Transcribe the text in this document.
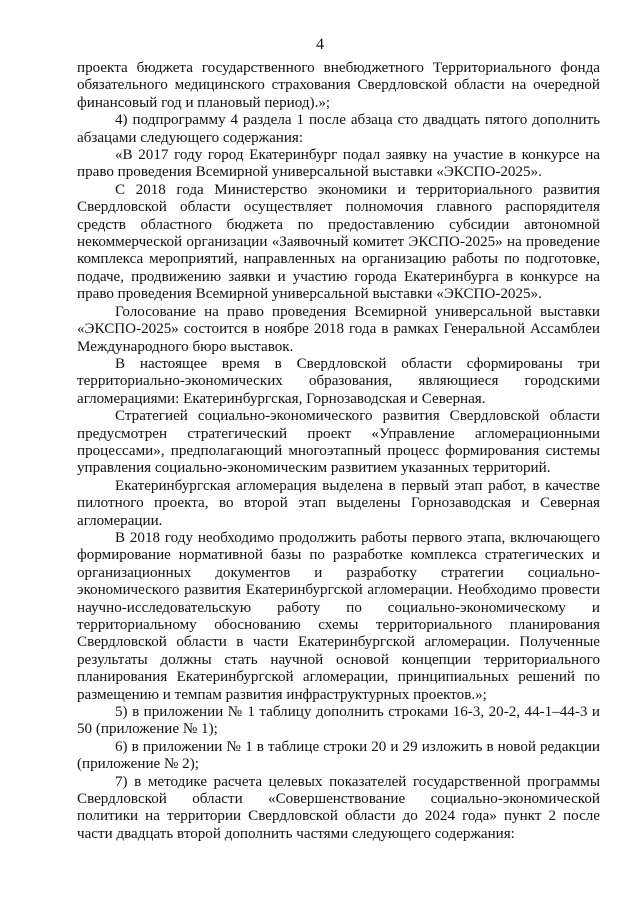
4

проекта бюджета государственного внебюджетного Территориального фонда обязательного медицинского страхования Свердловской области на очередной финансовый год и плановый период).»;

4) подпрограмму 4 раздела 1 после абзаца сто двадцать пятого дополнить абзацами следующего содержания:

«В 2017 году город Екатеринбург подал заявку на участие в конкурсе на право проведения Всемирной универсальной выставки «ЭКСПО-2025».

С 2018 года Министерство экономики и территориального развития Свердловской области осуществляет полномочия главного распорядителя средств областного бюджета по предоставлению субсидии автономной некоммерческой организации «Заявочный комитет ЭКСПО-2025» на проведение комплекса мероприятий, направленных на организацию работы по подготовке, подаче, продвижению заявки и участию города Екатеринбурга в конкурсе на право проведения Всемирной универсальной выставки «ЭКСПО-2025».

Голосование на право проведения Всемирной универсальной выставки «ЭКСПО-2025» состоится в ноябре 2018 года в рамках Генеральной Ассамблеи Международного бюро выставок.

В настоящее время в Свердловской области сформированы три территориально-экономических образования, являющиеся городскими агломерациями: Екатеринбургская, Горнозаводская и Северная.

Стратегией социально-экономического развития Свердловской области предусмотрен стратегический проект «Управление агломерационными процессами», предполагающий многоэтапный процесс формирования системы управления социально-экономическим развитием указанных территорий.

Екатеринбургская агломерация выделена в первый этап работ, в качестве пилотного проекта, во второй этап выделены Горнозаводская и Северная агломерации.

В 2018 году необходимо продолжить работы первого этапа, включающего формирование нормативной базы по разработке комплекса стратегических и организационных документов и разработку стратегии социально-экономического развития Екатеринбургской агломерации. Необходимо провести научно-исследовательскую работу по социально-экономическому и территориальному обоснованию схемы территориального планирования Свердловской области в части Екатеринбургской агломерации. Полученные результаты должны стать научной основой концепции территориального планирования Екатеринбургской агломерации, принципиальных решений по размещению и темпам развития инфраструктурных проектов.»;

5) в приложении № 1 таблицу дополнить строками 16-3, 20-2, 44-1–44-3 и 50 (приложение № 1);

6) в приложении № 1 в таблице строки 20 и 29 изложить в новой редакции (приложение № 2);

7) в методике расчета целевых показателей государственной программы Свердловской области «Совершенствование социально-экономической политики на территории Свердловской области до 2024 года» пункт 2 после части двадцать второй дополнить частями следующего содержания:
